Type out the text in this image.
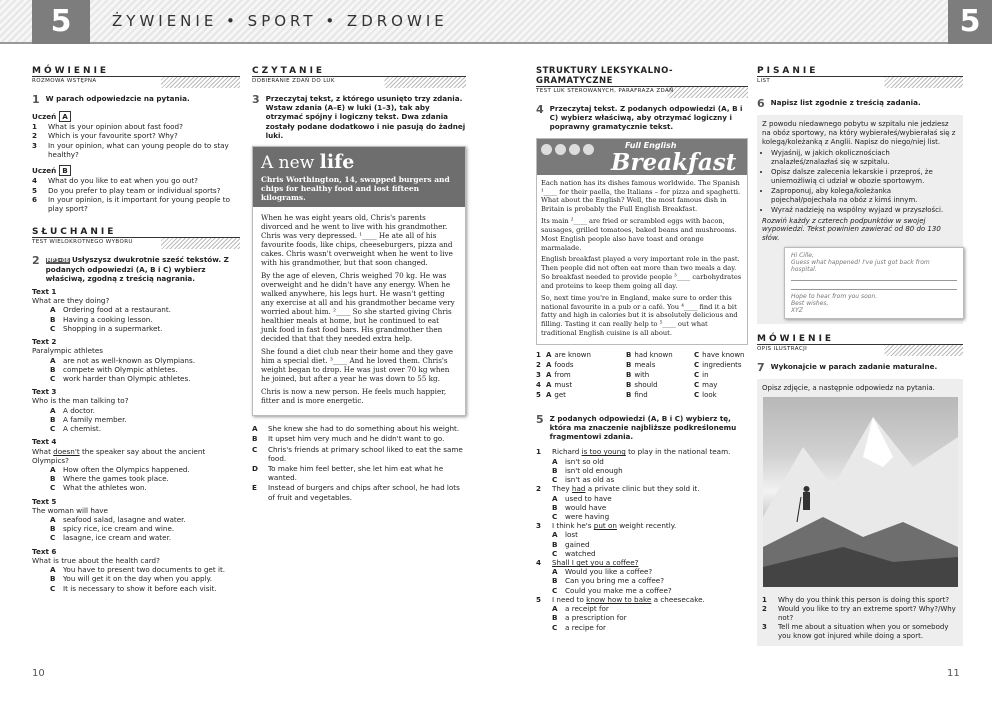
5	ŻYWIENIE • SPORT • ZDROWIE	5
MÓWIENIE
ROZMOWA WSTĘPNA
1 W parach odpowiedzcie na pytania.
Uczeń A
1	What is your opinion about fast food?
2	Which is your favourite sport? Why?
3	In your opinion, what can young people do to stay healthy?
Uczeń B
4	What do you like to eat when you go out?
5	Do you prefer to play team or individual sports?
6	In your opinion, is it important for young people to play sport?
SŁUCHANIE
TEST WIELOKROTNEGO WYBORU
2 MP3•08 Usłyszysz dwukrotnie sześć tekstów. Z podanych odpowiedzi (A, B i C) wybierz właściwą, zgodną z treścią nagrania.
Text 1
What are they doing?
A	Ordering food at a restaurant.
B	Having a cooking lesson.
C	Shopping in a supermarket.
Text 2
Paralympic athletes
A	are not as well-known as Olympians.
B	compete with Olympic athletes.
C	work harder than Olympic athletes.
Text 3
Who is the man talking to?
A	A doctor.
B	A family member.
C	A chemist.
Text 4
What doesn't the speaker say about the ancient Olympics?
A	How often the Olympics happened.
B	Where the games took place.
C	What the athletes won.
Text 5
The woman will have
A	seafood salad, lasagne and water.
B	spicy rice, ice cream and wine.
C	lasagne, ice cream and water.
Text 6
What is true about the health card?
A	You have to present two documents to get it.
B	You will get it on the day when you apply.
C	It is necessary to show it before each visit.
10
CZYTANIE
DOBIERANIE ZDAŃ DO LUK
3 Przeczytaj tekst, z którego usunięto trzy zdania. Wstaw zdania (A–E) w luki (1–3), tak aby otrzymać spójny i logiczny tekst. Dwa zdania zostały podane dodatkowo i nie pasują do żadnej luki.
A new life
Chris Worthington, 14, swapped burgers and chips for healthy food and lost fifteen kilograms.

When he was eight years old, Chris's parents divorced and he went to live with his grandmother. Chris was very depressed. ¹____ He ate all of his favourite foods, like chips, cheeseburgers, pizza and cakes. Chris wasn't overweight when he went to live with his grandmother, but that soon changed.

By the age of eleven, Chris weighed 70 kg. He was overweight and he didn't have any energy. When he walked anywhere, his legs hurt. He wasn't getting any exercise at all and his grandmother became very worried about him. ²____ So she started giving Chris healthier meals at home, but he continued to eat junk food in fast food bars. His grandmother then decided that that they needed extra help.

She found a diet club near their home and they gave him a special diet. ³____ And he loved them. Chris's weight began to drop. He was just over 70 kg when he joined, but after a year he was down to 55 kg.

Chris is now a new person. He feels much happier, fitter and is more energetic.

A	She knew she had to do something about his weight.
B	It upset him very much and he didn't want to go.
C	Chris's friends at primary school liked to eat the same food.
D	To make him feel better, she let him eat what he wanted.
E	Instead of burgers and chips after school, he had lots of fruit and vegetables.
STRUKTURY LEKSYKALNO-GRAMATYCZNE
TEST LUK STEROWANYCH, PARAFRAZA ZDAŃ
4 Przeczytaj tekst. Z podanych odpowiedzi (A, B i C) wybierz właściwą, aby otrzymać logiczny i poprawny gramatycznie tekst.
Full English
Breakfast

Each nation has its dishes famous worldwide. The Spanish ¹____ for their paella, the Italians – for pizza and spaghetti. What about the English? Well, the most famous dish in Britain is probably the Full English Breakfast.

Its main ²____ are fried or scrambled eggs with bacon, sausages, grilled tomatoes, baked beans and mushrooms. Most English people also have toast and orange marmalade.

English breakfast played a very important role in the past. Then people did not often eat more than two meals a day. So breakfast needed to provide people ³____ carbohydrates and proteins to keep them going all day.

So, next time you're in England, make sure to order this national favourite in a pub or a café. You ⁴____ find it a bit fatty and high in calories but it is absolutely delicious and filling. Tasting it can really help to ⁵____ out what traditional English cuisine is all about.

1 A are known	B had known	C have known
2 A foods	B meals	C ingredients
3 A from	B with	C in
4 A must	B should	C may
5 A get	B find	C look
5 Z podanych odpowiedzi (A, B i C) wybierz tę, która ma znaczenie najbliższe podkreślonemu fragmentowi zdania.
1	Richard is too young to play in the national team.
A	isn't so old
B	isn't old enough
C	isn't as old as
2	They had a private clinic but they sold it.
A	used to have
B	would have
C	were having
3	I think he's put on weight recently.
A	lost
B	gained
C	watched
4	Shall I get you a coffee?
A	Would you like a coffee?
B	Can you bring me a coffee?
C	Could you make me a coffee?
5	I need to know how to bake a cheesecake.
A	a receipt for
B	a prescription for
C	a recipe for
PISANIE
LIST
6 Napisz list zgodnie z treścią zadania.
Z powodu niedawnego pobytu w szpitalu nie jedziesz na obóz sportowy, na który wybierałeś/wybierałaś się z kolegą/koleżanką z Anglii. Napisz do niego/niej list.
• Wyjaśnij, w jakich okolicznościach znalazłeś/znalazłaś się w szpitalu.
• Opisz dalsze zalecenia lekarskie i przeproś, że uniemożliwią ci udział w obozie sportowym.
• Zaproponuj, aby kolega/koleżanka pojechał/pojechała na obóz z kimś innym.
• Wyraź nadzieję na wspólny wyjazd w przyszłości.
Rozwiń każdy z czterech podpunktów w swojej wypowiedzi. Tekst powinien zawierać od 80 do 130 słów.
Hi Cille,
Guess what happened! I've just got back from hospital.
Hope to hear from you soon.
Best wishes,
XYZ
MÓWIENIE
OPIS ILUSTRACJI
7 Wykonajcie w parach zadanie maturalne.
Opisz zdjęcie, a następnie odpowiedz na pytania.
1	Why do you think this person is doing this sport?
2	Would you like to try an extreme sport? Why?/Why not?
3	Tell me about a situation when you or somebody you know got injured while doing a sport.
11
